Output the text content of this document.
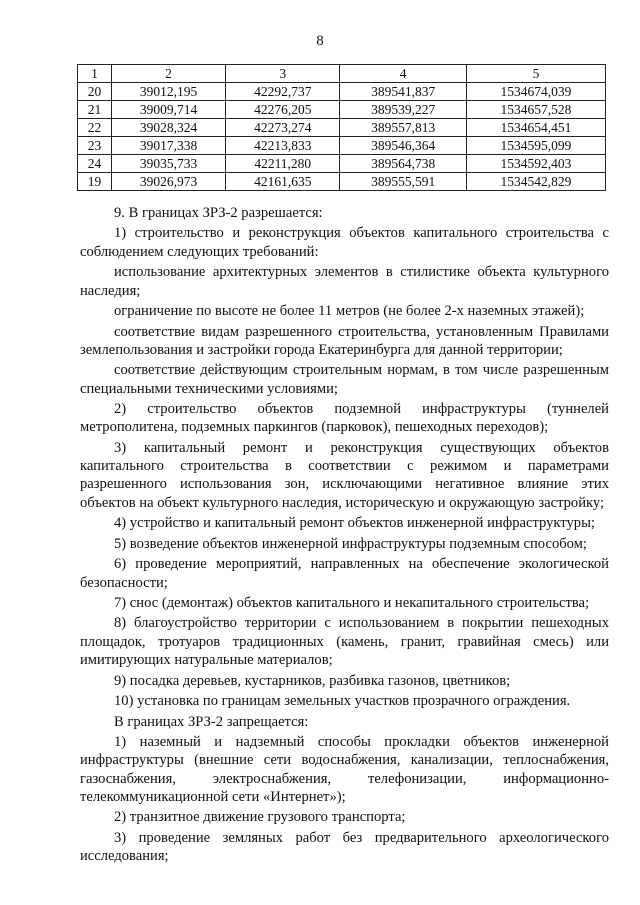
8
1	2	3	4	5
20	39012,195	42292,737	389541,837	1534674,039
21	39009,714	42276,205	389539,227	1534657,528
22	39028,324	42273,274	389557,813	1534654,451
23	39017,338	42213,833	389546,364	1534595,099
24	39035,733	42211,280	389564,738	1534592,403
19	39026,973	42161,635	389555,591	1534542,829

9. В границах ЗРЗ-2 разрешается:

1) строительство и реконструкция объектов капитального строительства с соблюдением следующих требований:

использование архитектурных элементов в стилистике объекта культурного наследия;

ограничение по высоте не более 11 метров (не более 2-х наземных этажей);

соответствие видам разрешенного строительства, установленным Правилами землепользования и застройки города Екатеринбурга для данной территории;

соответствие действующим строительным нормам, в том числе разрешенным специальными техническими условиями;

2) строительство объектов подземной инфраструктуры (туннелей метрополитена, подземных паркингов (парковок), пешеходных переходов);

3) капитальный ремонт и реконструкция существующих объектов капитального строительства в соответствии с режимом и параметрами разрешенного использования зон, исключающими негативное влияние этих объектов на объект культурного наследия, историческую и окружающую застройку;

4) устройство и капитальный ремонт объектов инженерной инфраструктуры;

5) возведение объектов инженерной инфраструктуры подземным способом;

6) проведение мероприятий, направленных на обеспечение экологической безопасности;

7) снос (демонтаж) объектов капитального и некапитального строительства;

8) благоустройство территории с использованием в покрытии пешеходных площадок, тротуаров традиционных (камень, гранит, гравийная смесь) или имитирующих натуральные материалов;

9) посадка деревьев, кустарников, разбивка газонов, цветников;

10) установка по границам земельных участков прозрачного ограждения.

В границах ЗРЗ-2 запрещается:

1) наземный и надземный способы прокладки объектов инженерной инфраструктуры (внешние сети водоснабжения, канализации, теплоснабжения, газоснабжения, электроснабжения, телефонизации, информационно-телекоммуникационной сети «Интернет»);

2) транзитное движение грузового транспорта;

3) проведение земляных работ без предварительного археологического исследования;
